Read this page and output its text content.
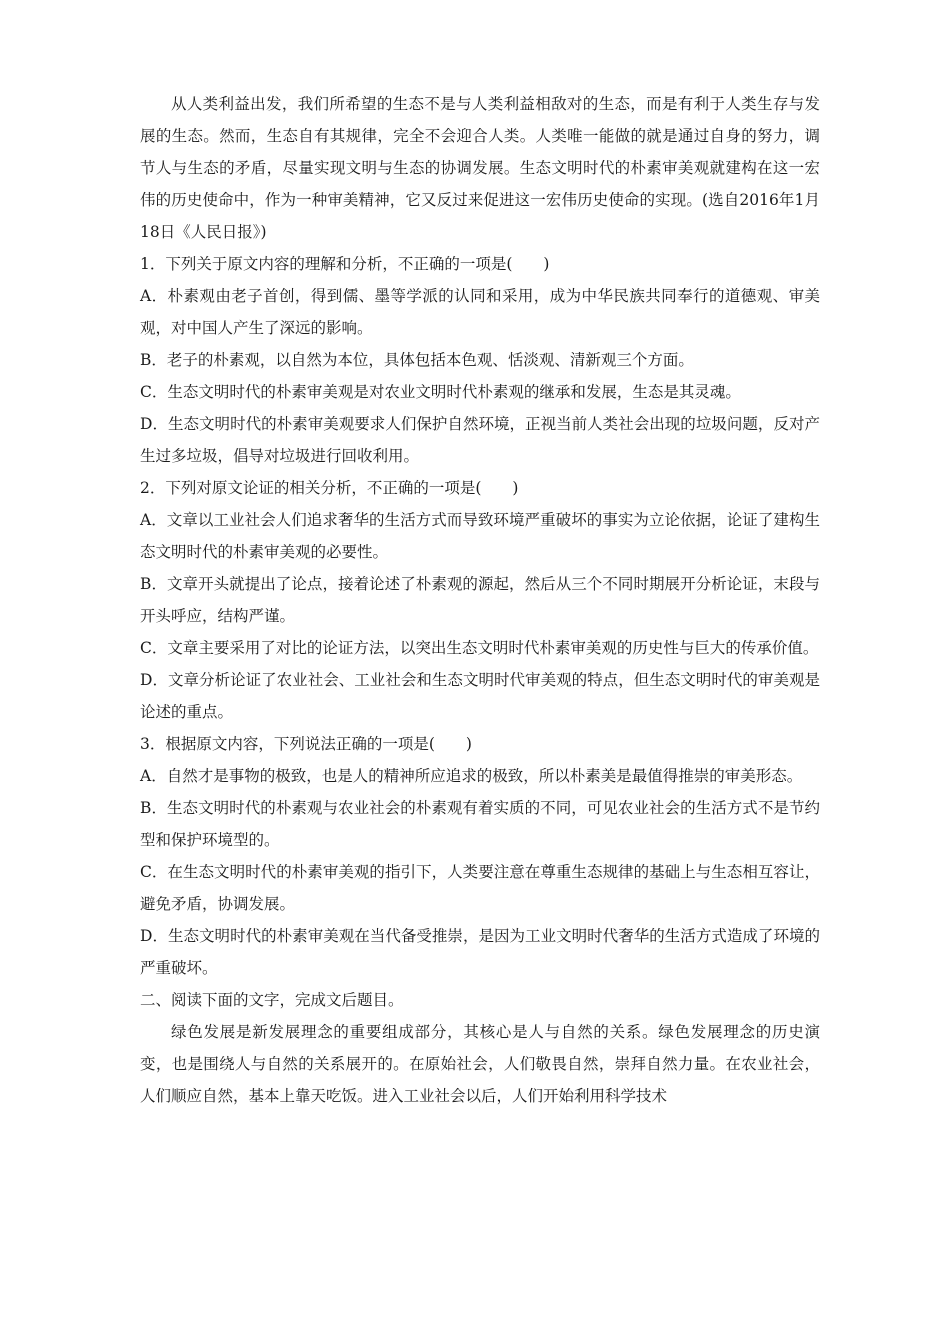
从人类利益出发，我们所希望的生态不是与人类利益相敌对的生态，而是有利于人类生存与发展的生态。然而，生态自有其规律，完全不会迎合人类。人类唯一能做的就是通过自身的努力，调节人与生态的矛盾，尽量实现文明与生态的协调发展。生态文明时代的朴素审美观就建构在这一宏伟的历史使命中，作为一种审美精神，它又反过来促进这一宏伟历史使命的实现。(选自2016年1月18日《人民日报》)

1．下列关于原文内容的理解和分析，不正确的一项是(　　)

A．朴素观由老子首创，得到儒、墨等学派的认同和采用，成为中华民族共同奉行的道德观、审美观，对中国人产生了深远的影响。

B．老子的朴素观，以自然为本位，具体包括本色观、恬淡观、清新观三个方面。

C．生态文明时代的朴素审美观是对农业文明时代朴素观的继承和发展，生态是其灵魂。

D．生态文明时代的朴素审美观要求人们保护自然环境，正视当前人类社会出现的垃圾问题，反对产生过多垃圾，倡导对垃圾进行回收利用。

2．下列对原文论证的相关分析，不正确的一项是(　　)

A．文章以工业社会人们追求奢华的生活方式而导致环境严重破坏的事实为立论依据，论证了建构生态文明时代的朴素审美观的必要性。

B．文章开头就提出了论点，接着论述了朴素观的源起，然后从三个不同时期展开分析论证，末段与开头呼应，结构严谨。

C．文章主要采用了对比的论证方法，以突出生态文明时代朴素审美观的历史性与巨大的传承价值。

D．文章分析论证了农业社会、工业社会和生态文明时代审美观的特点，但生态文明时代的审美观是论述的重点。

3．根据原文内容，下列说法正确的一项是(　　)

A．自然才是事物的极致，也是人的精神所应追求的极致，所以朴素美是最值得推崇的审美形态。

B．生态文明时代的朴素观与农业社会的朴素观有着实质的不同，可见农业社会的生活方式不是节约型和保护环境型的。

C．在生态文明时代的朴素审美观的指引下，人类要注意在尊重生态规律的基础上与生态相互容让，避免矛盾，协调发展。

D．生态文明时代的朴素审美观在当代备受推崇，是因为工业文明时代奢华的生活方式造成了环境的严重破坏。

二、阅读下面的文字，完成文后题目。

绿色发展是新发展理念的重要组成部分，其核心是人与自然的关系。绿色发展理念的历史演变，也是围绕人与自然的关系展开的。在原始社会，人们敬畏自然，崇拜自然力量。在农业社会，人们顺应自然，基本上靠天吃饭。进入工业社会以后，人们开始利用科学技术
